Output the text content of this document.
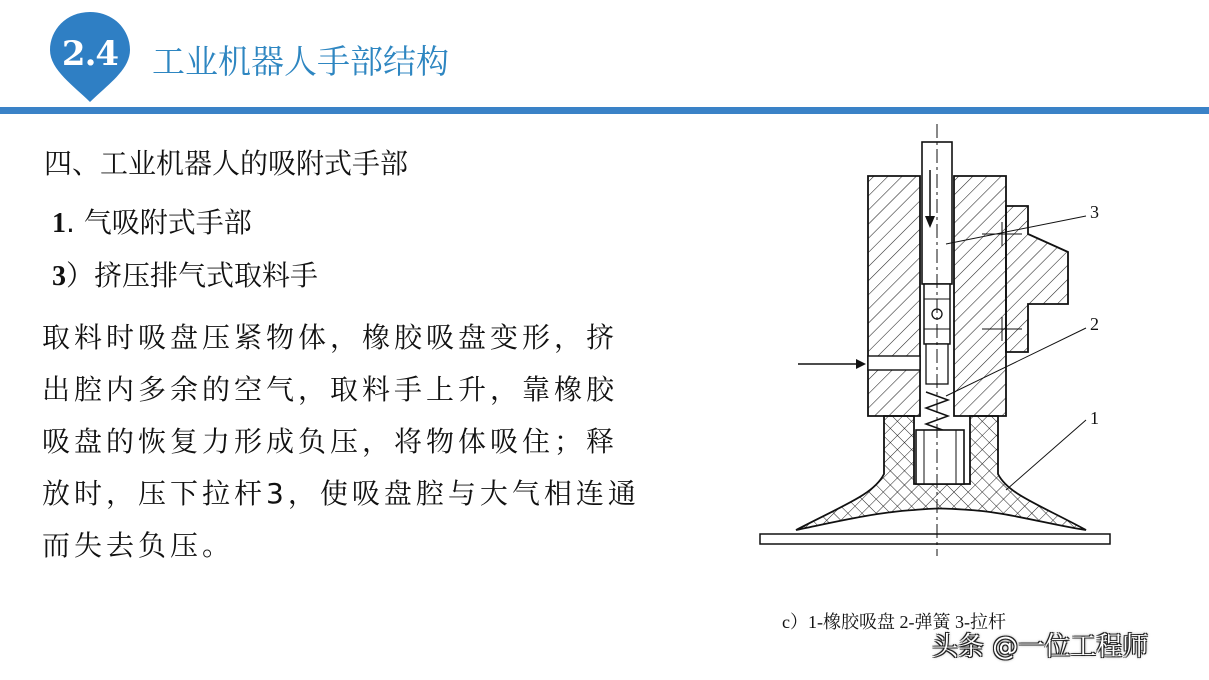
2.4	工业机器人手部结构
四、工业机器人的吸附式手部
1. 气吸附式手部
3）挤压排气式取料手
取料时吸盘压紧物体，橡胶吸盘变形，挤
出腔内多余的空气，取料手上升，靠橡胶
吸盘的恢复力形成负压，将物体吸住；释
放时，压下拉杆3，使吸盘腔与大气相连通
而失去负压。
3
2
1
c）1-橡胶吸盘 2-弹簧 3-拉杆
头条 @一位工程师
